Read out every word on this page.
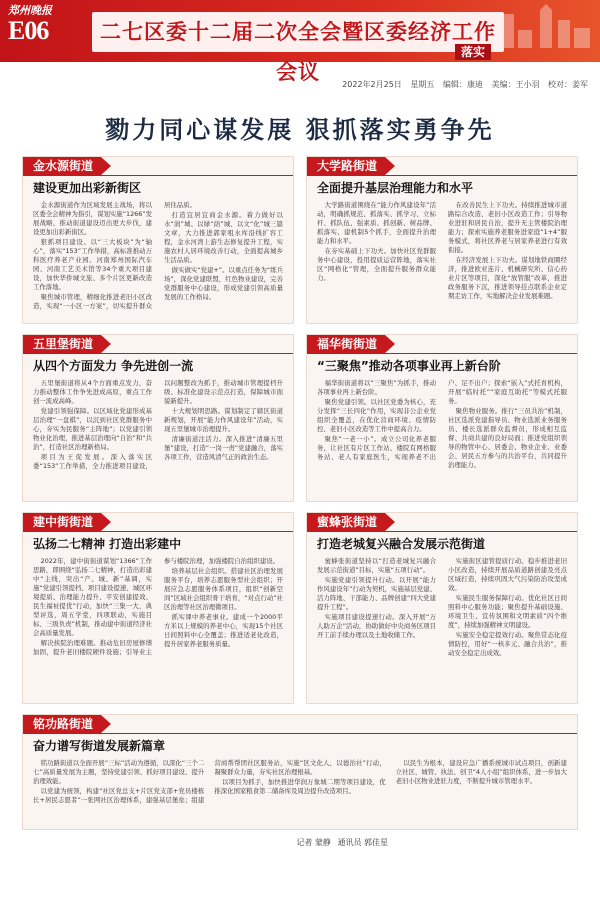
郑州晚报
E06	二七区委十二届二次全会暨区委经济工作会议
落实
2022年2月25日 星期五 编辑：康迪 美编：王小羽 校对：姜军
勠力同心谋发展 狠抓落实勇争先
金水源街道
建设更加出彩新街区

金水源街道作为区域发展主战场，将以区委全会精神为指引，谋划实施“1266”发展战略，推动街道建设迈出更大步伐，建设更加出彩新街区。

狠抓项目建设。以“三大板块”为“轴心”，落实“153”工作举措，高标准推动万科医疗养老产业园、河南郑州国际汽车园、河南工艺美术馆等34个重大项目建设，加快华侨城文旅、多个片区更新改造工作落地。

聚焦城市管理，精细化推进老旧小区改造，实现“一小区一方案”，切实提升群众居住品质。

打造宜居宜商金水源。着力做好以水“润”城、以绿“荫”城、以文“化”城三篇文章，大力推进郭家咀水库沿线扩容工程，金水河湾上游生态修复提升工程，实施农村人居环境改善行动，全面提高城乡生活品质。

做实做实“党建+”。以重点任务为“练兵场”，深化党建联盟，红色物业建设，完善党群服务中心建设，形成党建引领高质量发展的工作格局。

大学路街道
全面提升基层治理能力和水平

大学路街道围绕在“能力作风建设年”活动，明确抓规范、抓落实、抓学习、立标杆、抓队伍、强素质、抓创新、树品牌、抓落实、建机制5个抓手，全面提升治理能力和水平。

在夯实基础上下功夫。加快社区党群服务中心建设，投用提质运营阵地，落实社区“网格化”管理，全面提升服务群众能力。

在改善民生上下功夫。持续推进城市道路综合改造、老旧小区改造工作；引导物业进驻和居民自治，提升无主管楼院治理能力；探索实施养老服务进家庭“1+4”服务模式，将社区养老与居家养老进行有效衔接。

在经济发展上下功夫。谋划地铁商圈经济，推进欧亚连片、机械研究所、信心药业片区等项目，深化“放管服”改革，推进政务服务下沉，推进领导挂点联系企业定期走访工作，实地解决企业发展难题。

五里堡街道
从四个方面发力 争先进创一流

五里堡街道将从4个方面重点发力，奋力推动整体工作争先进成高原，重点工作创一流成高峰。

党建引领强保障。以区域化党建形成基层治理“一盘棋”，以沉到社区党群服务中心，夯实为民服务“主阵地”；以党建引领物业化治理，推进基层治理向“自治”和“共治”，打造社区治理新格局。

项目为王促发展。深入落实区委“153”工作举措，全力推进项目建设，以问题整改为抓手，推动城市管理提档升级、标准化建设示范点打造，保障城市面貌新提升。

十大规划明思路。谋划制定了辖区街道新规划，开展“能力作风建设年”活动，实现五里堡城市治理提升。

清廉街道注活力。深入推进“清廉五里堡”建设，打造“一岗一责”党建融合，落实各项工作，营造风清气正的政治生态。

福华街街道
“三聚焦”推动各项事业再上新台阶

福华街街道将以“三聚焦”为抓手，推动各项事业再上新台阶。

聚焦党建引领。以社区党委为核心，充分发挥“三长四化”作用，实现非公企业党组织全覆盖，在优化营商环境、疫情防控、老旧小区改造等工作中提高合力。

聚焦“一老一小”。成立公司化养老服务，让社区有片区工作站、楼院有网格服务站、老人有家庭医生，实现养老不出户、足不出户；探索“嵌入”式托育机构，开展“临时托”“家庭互助托”等模式托服务。

聚焦物业服务。推行“三员共治”机制，社区选派党建指导员、物业选派业务服务员、楼长选派群众监督员，形成相互监督、共商共建的良好局面；推进党组织领导的物管中心、居委会、物业企业、业委会、居民五方参与的共治平台，共同提升治理能力。

建中街街道
弘扬二七精神 打造出彩建中

2022年，建中街街道谋划“1366”工作思路，即围绕“弘扬二七精神，打造出彩建中”主线，突出“产、城、新”基调，实施“党建引领提档、项目建设提速、城区环境提质、治理能力提升、平安创建提效、民生福祉提优”行动，加快“三集一大，典型评选，周五学堂，四项联动，实施目标、三级负责”机制，推动建中街道经济社会高质量发展。

解决挟院治理难题。推动危旧房屋修缮加固，提升老旧楼院硬件设施；引导业主参与楼院治理，加强楼院自治组织建设。

培养基层社会组织。搭建社区治理发展服务平台，培养志愿服务型社会组织；开展应急志愿服务体系项目，组织“创新空间”区域社会组织骨干培育，“对点行动”社区治理等社区治理微项目。

抓实课中养老事业。建成一个2000平方米以上规模的养老中心，实现15个社区日间照料中心全覆盖；推进适老化改造，提升居家养老服务质量。

蜜蜂张街道
打造老城复兴融合发展示范街道

蜜蜂张街道坚持以“打造老城复兴融合发展示范街道”目标，实施“五项行动”。

实施党建引领提升行动。以开展“能力作风建设年”行动为契机，实施基层党建、活力阵地、干部能力、品牌创建“四大党建提升工程”。

实施项目建设提速行动。深入开展“万人助万企”活动，协助做好中央商务区项目开工前手续办理以及土地收储工作。

实施街区建管提质行动。稳步推进老旧小区改造，持续开展品质道路创建及亮点区域打造，持续巩固大气污染防治攻坚成效。

实施民生服务保障行动。优化社区日间照料中心服务功能；聚焦提升基础设施、环境卫生、宣传氛围和文明素质“四个维度”，持续加强精神文明建设。

实施安全稳定提效行动。聚焦常态化疫情防控，用好“一核多元、融合共治”，推动安全稳定出成效。

铭功路街道
奋力谱写街道发展新篇章

铭功路街道以全面开展“三标”活动为遵循，以深化“三个二七”高质量发展为主题，坚持党建引领、抓好项目建设、提升治理效能。

以党建为统领，构建“社区党总支+片区党支部+党员楼栋长+居民志愿者”一张网社区治理体系，建强基层堡垒；组建营商帮帮团社区服务站，实施“区文化人，以德治社”行动，凝聚群众力量，夯实社区治理根基。

以项目为抓手，加快推进华润万象城二期等项目建设，优推深化国家粮食第二储备库及周边提升改造项目。

以民生为根本，建设应急广播系统城市试点项目，创新建立社区、城管、执法、创卫“4人小组”组织体系，进一步加大老旧小区物业进驻力度，不断提升城市管理水平。

记者 蒙静 通讯员 郭佳星
